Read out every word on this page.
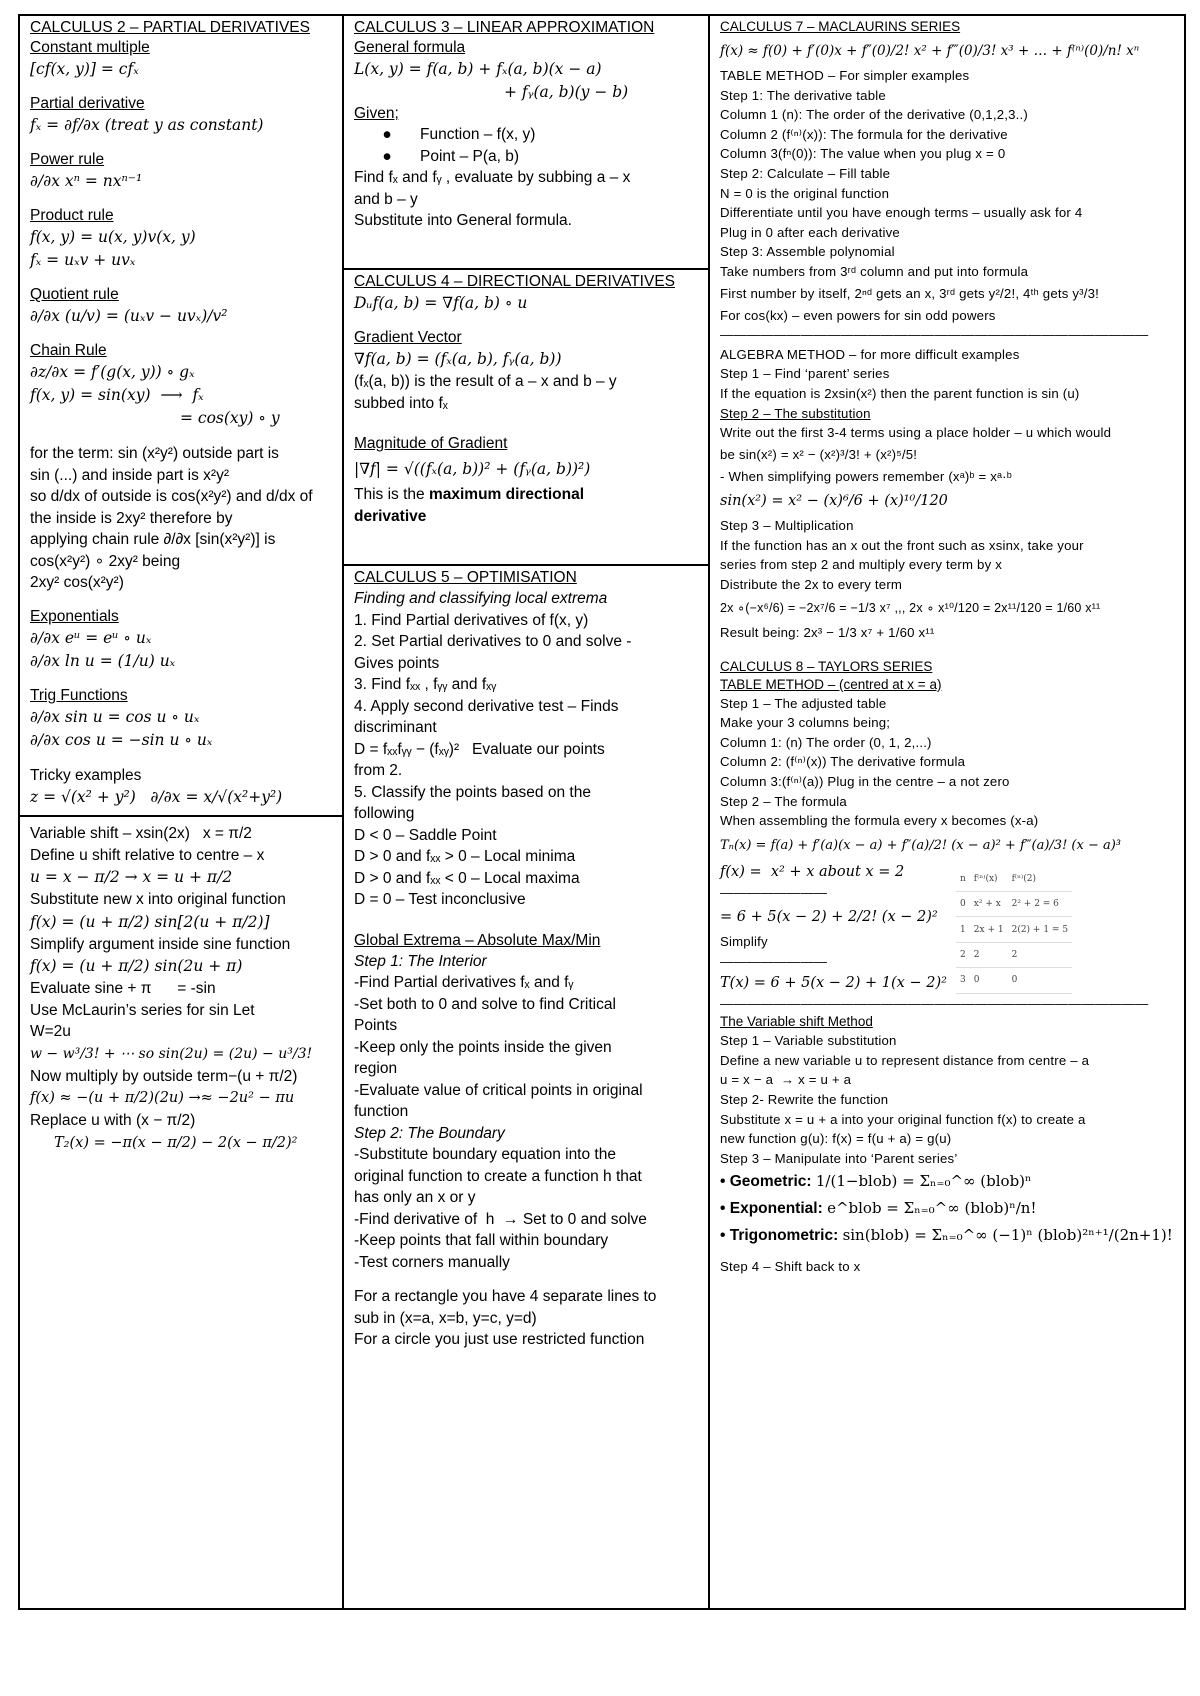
CALCULUS 2 – PARTIAL DERIVATIVES
Constant multiple

[cf(x, y)] = cfₓ

Partial derivative

fₓ = ∂f/∂x (treat y as constant)

Power rule

∂/∂x xⁿ = nxⁿ⁻¹

Product rule

f(x, y) = u(x, y)v(x, y)

fₓ = uₓv + uvₓ

Quotient rule

∂/∂x (u/v) = (uₓv − uvₓ)/v²

Chain Rule

∂z/∂x = f′(g(x, y)) ∘ gₓ

f(x, y) = sin(xy)  ⟶  fₓ

= cos(xy) ∘ y

for the term: sin (x²y²) outside part is

sin (...) and inside part is x²y²

so d/dx of outside is cos(x²y²) and d/dx of

the inside is 2xy² therefore by

applying chain rule ∂/∂x [sin(x²y²)] is

cos(x²y²) ∘ 2xy² being

2xy² cos(x²y²)

Exponentials

∂/∂x eᵘ = eᵘ ∘ uₓ

∂/∂x ln u = (1/u) uₓ

Trig Functions

∂/∂x sin u = cos u ∘ uₓ

∂/∂x cos u = −sin u ∘ uₓ

Tricky examples

z = √(x² + y²)   ∂/∂x = x/√(x²+y²)

Variable shift – xsin(2x)   x = π/2

Define u shift relative to centre – x

u = x − π/2 → x = u + π/2

Substitute new x into original function

f(x) = (u + π/2) sin[2(u + π/2)]

Simplify argument inside sine function

f(x) = (u + π/2) sin(2u + π)

Evaluate sine + π      = -sin

Use McLaurin’s series for sin Let

W=2u

w − w³/3! + ⋯ so sin(2u) = (2u) − u³/3!

Now multiply by outside term−(u + π/2)

f(x) ≈ −(u + π/2)(2u) →≈ −2u² − πu

Replace u with (x − π/2)

T₂(x) = −π(x − π/2) − 2(x − π/2)²

CALCULUS 3 – LINEAR APPROXIMATION
General formula

L(x, y) = f(a, b) + fₓ(a, b)(x − a)

+ fᵧ(a, b)(y − b)

Given;
●	Function – f(x, y)
●	Point – P(a, b)

Find fₓ and fᵧ , evaluate by subbing a – x

and b – y

Substitute into General formula.

CALCULUS 4 – DIRECTIONAL DERIVATIVES

Dᵤf(a, b) = ∇f(a, b) ∘ u

Gradient Vector

∇f(a, b) = (fₓ(a, b), fᵧ(a, b))

(fₓ(a, b)) is the result of a – x and b – y

subbed into fₓ

Magnitude of Gradient

|∇f| = √((fₓ(a, b))² + (fᵧ(a, b))²)

This is the maximum directional

derivative

CALCULUS 5 – OPTIMISATION

Finding and classifying local extrema

1. Find Partial derivatives of f(x, y)

2. Set Partial derivatives to 0 and solve -

Gives points

3. Find fₓₓ , fᵧᵧ and fₓᵧ

4. Apply second derivative test – Finds

discriminant

D = fₓₓfᵧᵧ − (fₓᵧ)²   Evaluate our points

from 2.

5. Classify the points based on the

following

D < 0 – Saddle Point

D > 0 and fₓₓ > 0 – Local minima

D > 0 and fₓₓ < 0 – Local maxima

D = 0 – Test inconclusive

Global Extrema – Absolute Max/Min

Step 1: The Interior

-Find Partial derivatives fₓ and fᵧ

-Set both to 0 and solve to find Critical

Points

-Keep only the points inside the given

region

-Evaluate value of critical points in original

function

Step 2: The Boundary

-Substitute boundary equation into the

original function to create a function h that

has only an x or y

-Find derivative of  h  → Set to 0 and solve

-Keep points that fall within boundary

-Test corners manually

For a rectangle you have 4 separate lines to

sub in (x=a, x=b, y=c, y=d)

For a circle you just use restricted function

CALCULUS 7 – MACLAURINS SERIES

f(x) ≈ f(0) + f′(0)x + f″(0)/2! x² + f‴(0)/3! x³ + … + f⁽ⁿ⁾(0)/n! xⁿ

TABLE METHOD – For simpler examples

Step 1: The derivative table

Column 1 (n): The order of the derivative (0,1,2,3..)

Column 2 (f⁽ⁿ⁾(x)): The formula for the derivative

Column 3(fⁿ(0)): The value when you plug x = 0

Step 2: Calculate – Fill table

N = 0 is the original function

Differentiate until you have enough terms – usually ask for 4

Plug in 0 after each derivative

Step 3: Assemble polynomial

Take numbers from 3ʳᵈ column and put into formula

First number by itself, 2ⁿᵈ gets an x, 3ʳᵈ gets y²/2!, 4ᵗʰ gets y³/3!

For cos(kx) – even powers for sin odd powers

————————————————————————————————

ALGEBRA METHOD – for more difficult examples

Step 1 – Find ‘parent’ series

If the equation is 2xsin(x²) then the parent function is sin (u)

Step 2 – The substitution

Write out the first 3-4 terms using a place holder – u which would

be sin(x²) = x² − (x²)³/3! + (x²)⁵/5!

- When simplifying powers remember (xᵃ)ᵇ = xᵃ·ᵇ

sin(x²) = x² − (x)⁶/6 + (x)¹⁰/120

Step 3 – Multiplication

If the function has an x out the front such as xsinx, take your

series from step 2 and multiply every term by x

Distribute the 2x to every term

2x ∘(−x⁶/6) = −2x⁷/6 = −1/3 x⁷ ,,, 2x ∘ x¹⁰/120 = 2x¹¹/120 = 1/60 x¹¹

Result being: 2x³ − 1/3 x⁷ + 1/60 x¹¹

CALCULUS 8 – TAYLORS SERIES
TABLE METHOD – (centred at x = a)

Step 1 – The adjusted table

Make your 3 columns being;

Column 1: (n) The order (0, 1, 2,...)

Column 2: (f⁽ⁿ⁾(x)) The derivative formula

Column 3:(f⁽ⁿ⁾(a)) Plug in the centre – a not zero

Step 2 – The formula

When assembling the formula every x becomes (x-a)

Tₙ(x) = f(a) + f′(a)(x − a) + f″(a)/2! (x − a)² + f‴(a)/3! (x − a)³

f(x) =  x² + x about x = 2

————————

= 6 + 5(x − 2) + 2/2! (x − 2)²

Simplify

————————

T(x) = 6 + 5(x − 2) + 1(x − 2)²

n	f⁽ⁿ⁾(x)	f⁽ⁿ⁾(2)
0	x² + x	2² + 2 = 6
1	2x + 1	2(2) + 1 = 5
2	2	2
3	0	0

————————————————————————————————

The Variable shift Method

Step 1 – Variable substitution

Define a new variable u to represent distance from centre – a

u = x − a  → x = u + a

Step 2- Rewrite the function

Substitute x = u + a into your original function f(x) to create a

new function g(u): f(x) = f(u + a) = g(u)

Step 3 – Manipulate into ‘Parent series’

• Geometric: 1/(1−blob) = Σₙ₌₀^∞ (blob)ⁿ
• Exponential: e^blob = Σₙ₌₀^∞ (blob)ⁿ/n!
• Trigonometric: sin(blob) = Σₙ₌₀^∞ (−1)ⁿ (blob)²ⁿ⁺¹/(2n+1)!

Step 4 – Shift back to x
